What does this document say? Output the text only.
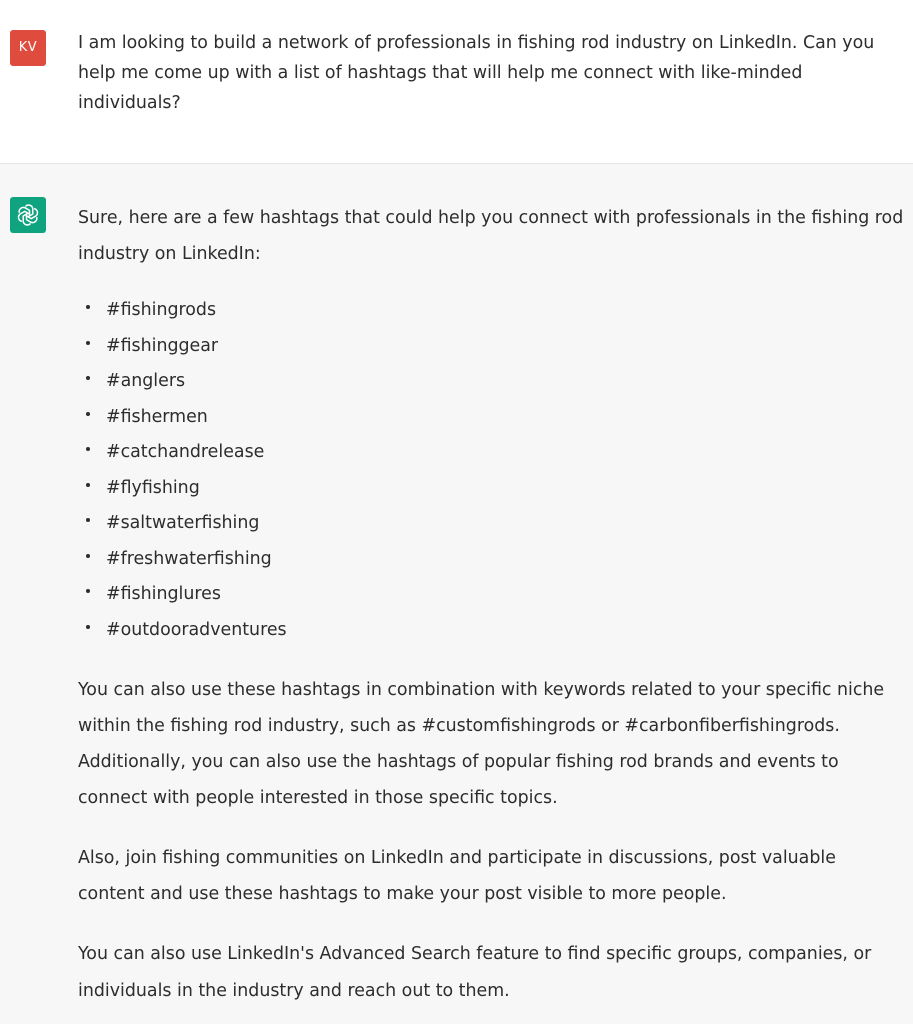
KV	I am looking to build a network of professionals in fishing rod industry on LinkedIn. Can you help me come up with a list of hashtags that will help me connect with like-minded individuals?
Sure, here are a few hashtags that could help you connect with professionals in the fishing rod industry on LinkedIn:
#fishingrods
#fishinggear
#anglers
#fishermen
#catchandrelease
#flyfishing
#saltwaterfishing
#freshwaterfishing
#fishinglures
#outdooradventures
You can also use these hashtags in combination with keywords related to your specific niche within the fishing rod industry, such as #customfishingrods or #carbonfiberfishingrods. Additionally, you can also use the hashtags of popular fishing rod brands and events to connect with people interested in those specific topics.
Also, join fishing communities on LinkedIn and participate in discussions, post valuable content and use these hashtags to make your post visible to more people.
You can also use LinkedIn's Advanced Search feature to find specific groups, companies, or individuals in the industry and reach out to them.
